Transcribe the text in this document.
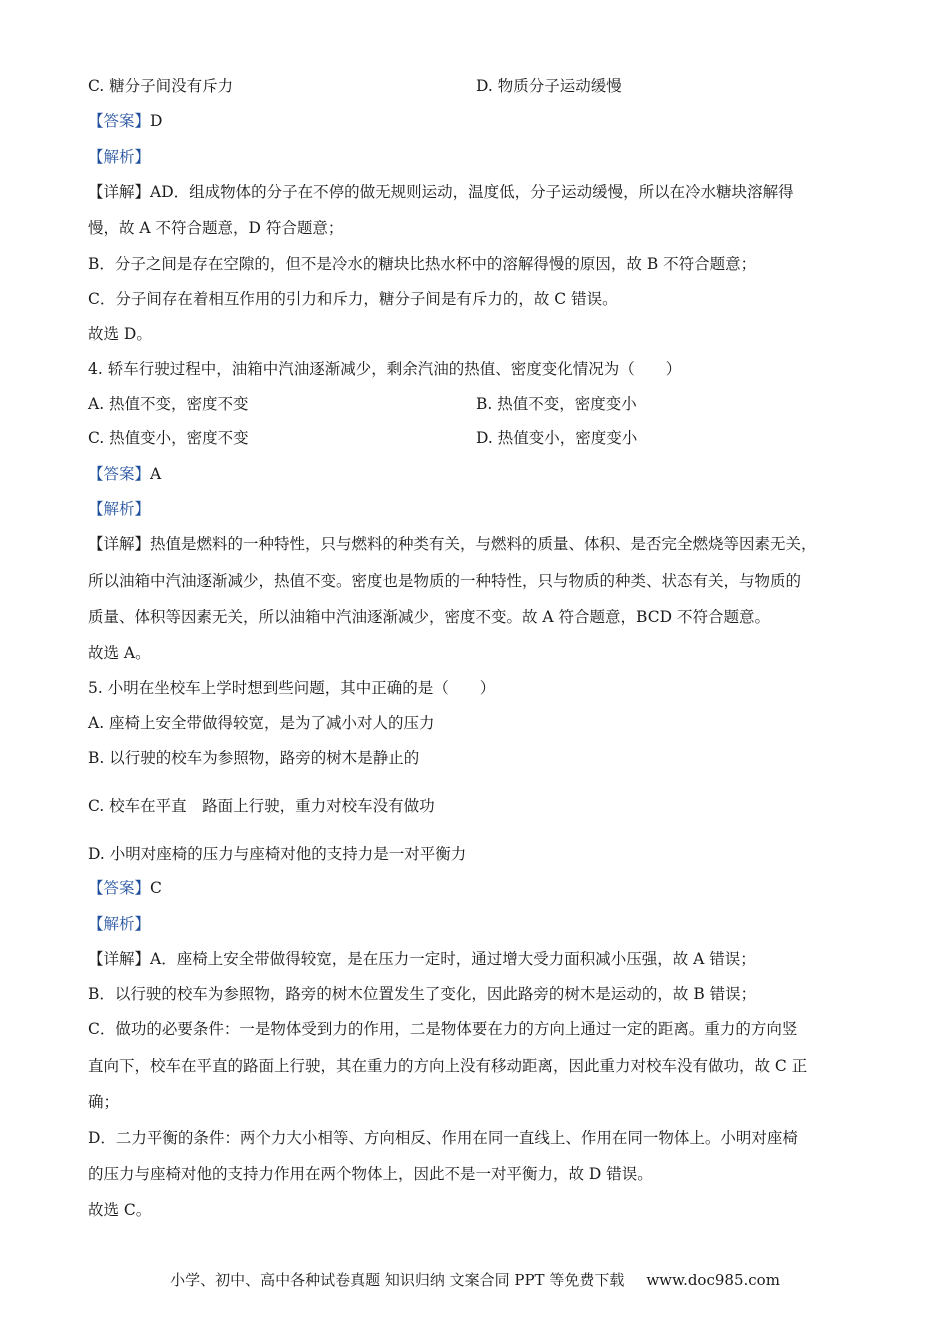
C. 糖分子间没有斥力	D. 物质分子运动缓慢
【答案】D
【解析】
【详解】AD．组成物体的分子在不停的做无规则运动，温度低，分子运动缓慢，所以在冷水糖块溶解得
慢，故 A 不符合题意，D 符合题意；
B．分子之间是存在空隙的，但不是冷水的糖块比热水杯中的溶解得慢的原因，故 B 不符合题意；
C．分子间存在着相互作用的引力和斥力，糖分子间是有斥力的，故 C 错误。
故选 D。
4. 轿车行驶过程中，油箱中汽油逐渐减少，剩余汽油的热值、密度变化情况为（　　）
A. 热值不变，密度不变	B. 热值不变，密度变小
C. 热值变小，密度不变	D. 热值变小，密度变小
【答案】A
【解析】
【详解】热值是燃料的一种特性，只与燃料的种类有关，与燃料的质量、体积、是否完全燃烧等因素无关，
所以油箱中汽油逐渐减少，热值不变。密度也是物质的一种特性，只与物质的种类、状态有关，与物质的
质量、体积等因素无关，所以油箱中汽油逐渐减少，密度不变。故 A 符合题意，BCD 不符合题意。
故选 A。
5. 小明在坐校车上学时想到些问题，其中正确的是（　　）
A. 座椅上安全带做得较宽，是为了减小对人的压力
B. 以行驶的校车为参照物，路旁的树木是静止的
C. 校车在平直　路面上行驶，重力对校车没有做功
D. 小明对座椅的压力与座椅对他的支持力是一对平衡力
【答案】C
【解析】
【详解】A．座椅上安全带做得较宽，是在压力一定时，通过增大受力面积减小压强，故 A 错误；
B．以行驶的校车为参照物，路旁的树木位置发生了变化，因此路旁的树木是运动的，故 B 错误；
C．做功的必要条件：一是物体受到力的作用，二是物体要在力的方向上通过一定的距离。重力的方向竖
直向下，校车在平直的路面上行驶，其在重力的方向上没有移动距离，因此重力对校车没有做功，故 C 正
确；
D．二力平衡的条件：两个力大小相等、方向相反、作用在同一直线上、作用在同一物体上。小明对座椅
的压力与座椅对他的支持力作用在两个物体上，因此不是一对平衡力，故 D 错误。
故选 C。
小学、初中、高中各种试卷真题 知识归纳 文案合同 PPT 等免费下载 www.doc985.com
